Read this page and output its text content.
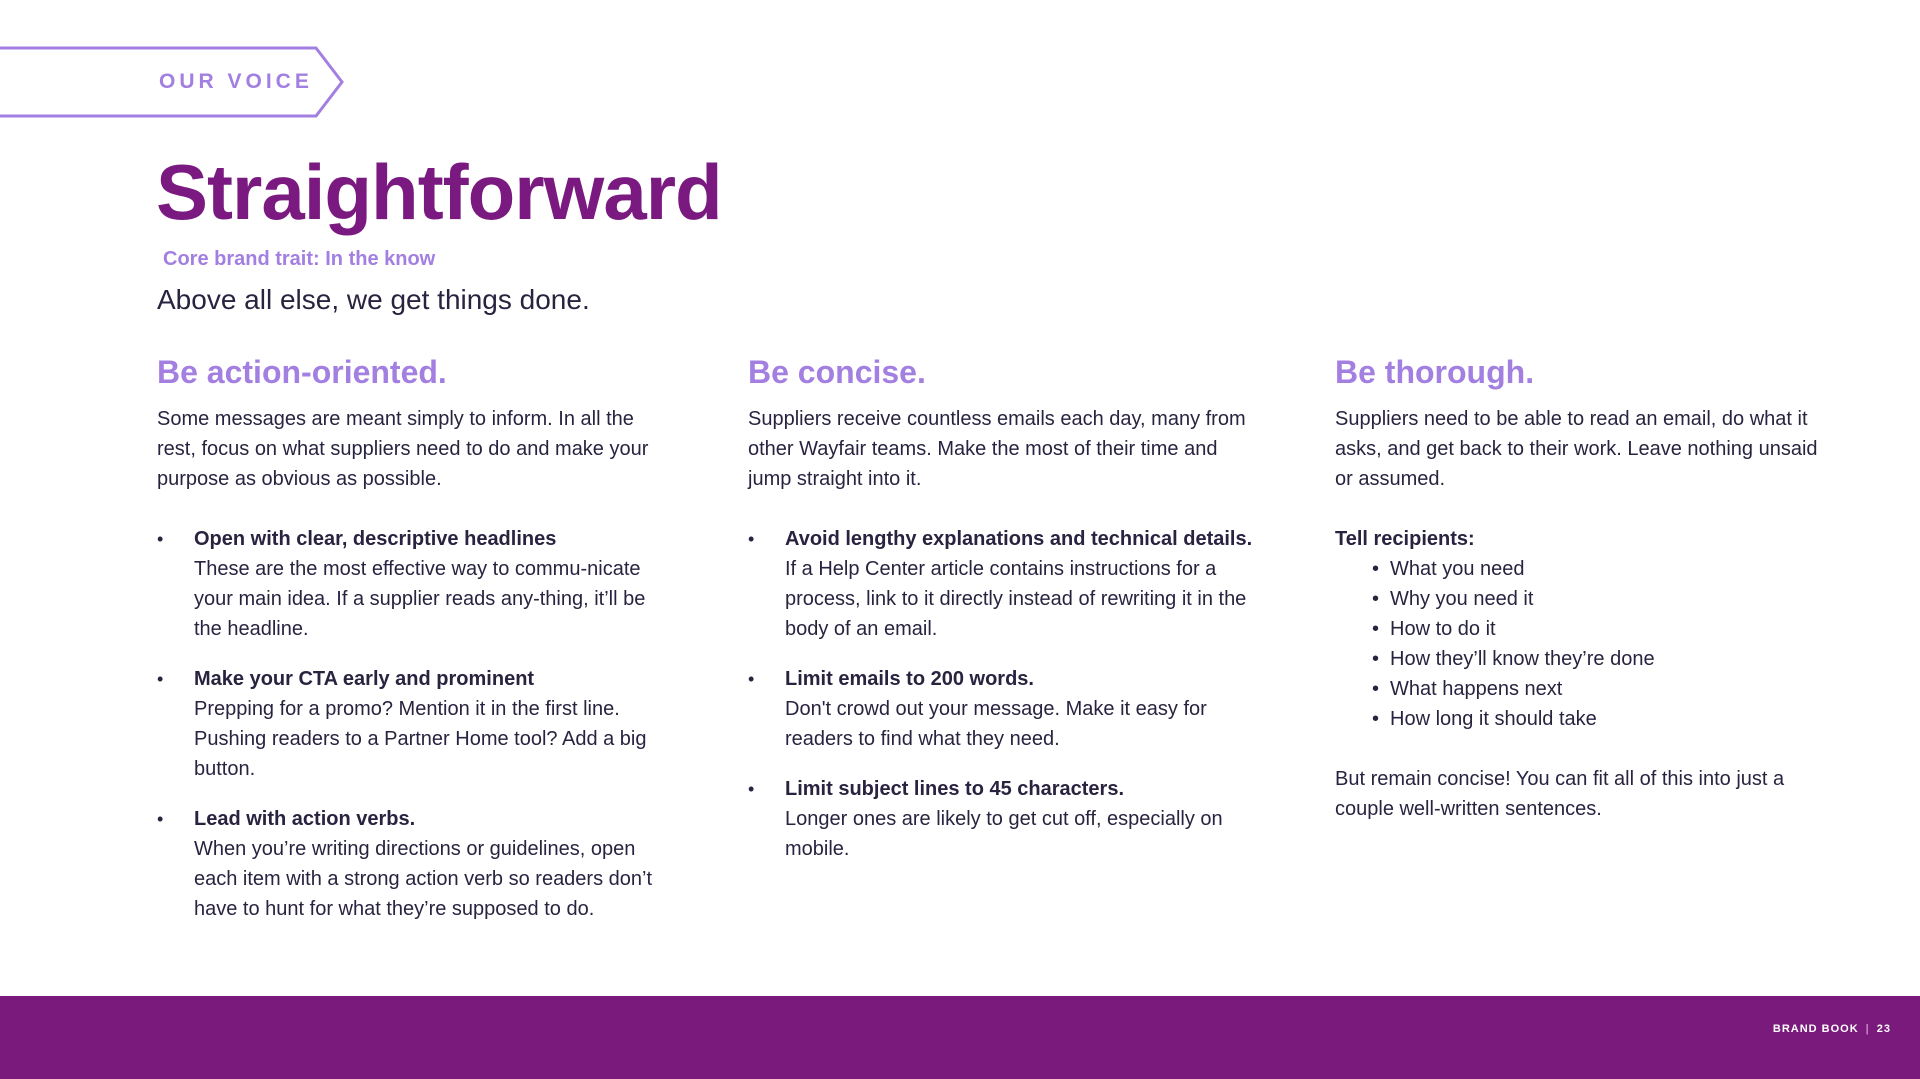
OUR VOICE
Straightforward
Core brand trait: In the know
Above all else, we get things done.
Be action-oriented.

Some messages are meant simply to inform. In all the rest, focus on what suppliers need to do and make your purpose as obvious as possible.

• Open with clear, descriptive headlines
These are the most effective way to commu-nicate your main idea. If a supplier reads any-thing, it’ll be the headline.
• Make your CTA early and prominent
Prepping for a promo? Mention it in the first line. Pushing readers to a Partner Home tool? Add a big button.
• Lead with action verbs.
When you’re writing directions or guidelines, open each item with a strong action verb so readers don’t have to hunt for what they’re supposed to do.
Be concise.

Suppliers receive countless emails each day, many from other Wayfair teams. Make the most of their time and jump straight into it.

• Avoid lengthy explanations and technical details.
If a Help Center article contains instructions for a process, link to it directly instead of rewriting it in the body of an email.
• Limit emails to 200 words.
Don't crowd out your message. Make it easy for readers to find what they need.
• Limit subject lines to 45 characters.
Longer ones are likely to get cut off, especially on mobile.
Be thorough.

Suppliers need to be able to read an email, do what it asks, and get back to their work. Leave nothing unsaid or assumed.

Tell recipients:

• What you need
• Why you need it
• How to do it
• How they’ll know they’re done
• What happens next
• How long it should take

But remain concise! You can fit all of this into just a couple well-written sentences.

BRAND BOOK | 23
